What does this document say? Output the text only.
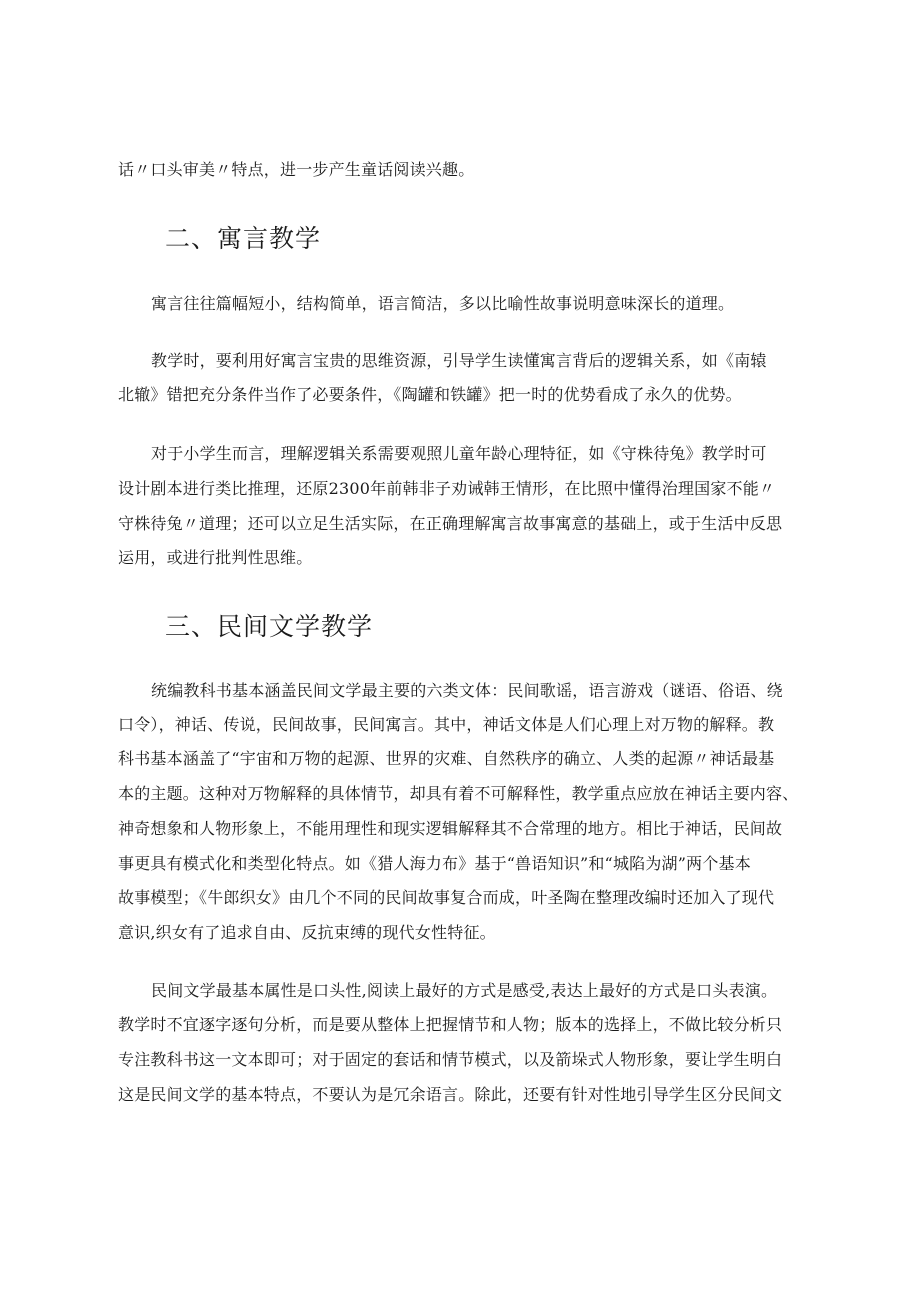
话〃口头审美〃特点，进一步产生童话阅读兴趣。
二、寓言教学
寓言往往篇幅短小，结构简单，语言简洁，多以比喻性故事说明意味深长的道理。
教学时，要利用好寓言宝贵的思维资源，引导学生读懂寓言背后的逻辑关系，如《南辕
北辙》错把充分条件当作了必要条件，《陶罐和铁罐》把一时的优势看成了永久的优势。
对于小学生而言，理解逻辑关系需要观照儿童年龄心理特征，如《守株待兔》教学时可
设计剧本进行类比推理，还原2300年前韩非子劝诫韩王情形，在比照中懂得治理国家不能〃
守株待兔〃道理；还可以立足生活实际，在正确理解寓言故事寓意的基础上，或于生活中反思
运用，或进行批判性思维。
三、民间文学教学
统编教科书基本涵盖民间文学最主要的六类文体：民间歌谣，语言游戏（谜语、俗语、绕
口令），神话、传说，民间故事，民间寓言。其中，神话文体是人们心理上对万物的解释。教
科书基本涵盖了“宇宙和万物的起源、世界的灾难、自然秩序的确立、人类的起源〃神话最基
本的主题。这种对万物解释的具体情节，却具有着不可解释性，教学重点应放在神话主要内容、
神奇想象和人物形象上，不能用理性和现实逻辑解释其不合常理的地方。相比于神话，民间故
事更具有模式化和类型化特点。如《猎人海力布》基于“兽语知识”和“城陷为湖”两个基本
故事模型；《牛郎织女》由几个不同的民间故事复合而成，叶圣陶在整理改编时还加入了现代
意识,织女有了追求自由、反抗束缚的现代女性特征。
民间文学最基本属性是口头性,阅读上最好的方式是感受,表达上最好的方式是口头表演。
教学时不宜逐字逐句分析，而是要从整体上把握情节和人物；版本的选择上，不做比较分析只
专注教科书这一文本即可；对于固定的套话和情节模式，以及箭垛式人物形象，要让学生明白
这是民间文学的基本特点，不要认为是冗余语言。除此，还要有针对性地引导学生区分民间文
